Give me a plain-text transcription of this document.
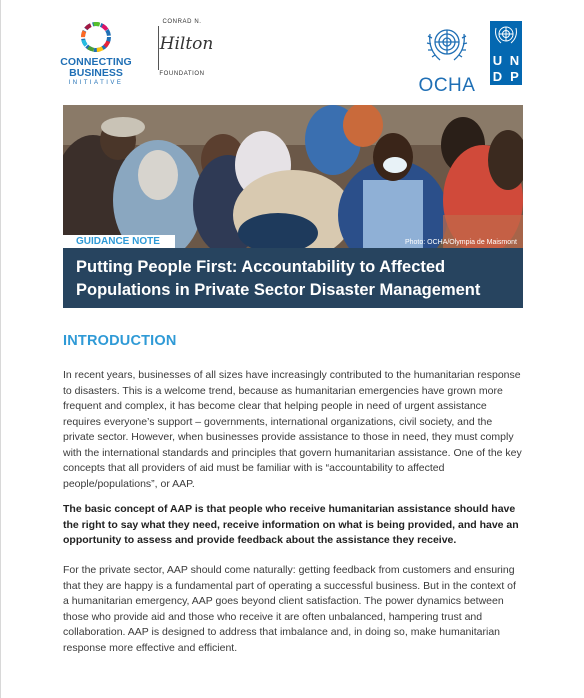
CONNECTING
BUSINESS
INITIATIVE
CONRAD N.
Hilton
FOUNDATION
OCHA
U N
D P
Photo: OCHA/Olympia de Maismont
GUIDANCE NOTE
Putting People First: Accountability to Affected Populations in Private Sector Disaster Management
INTRODUCTION

In recent years, businesses of all sizes have increasingly contributed to the humanitarian response to disasters. This is a welcome trend, because as humanitarian emergencies have grown more frequent and complex, it has become clear that helping people in need of urgent assistance requires everyone’s support – governments, international organizations, civil society, and the private sector. However, when businesses provide assistance to those in need, they must comply with the international standards and principles that govern humanitarian assistance. One of the key concepts that all providers of aid must be familiar with is “accountability to affected people/populations”, or AAP.

The basic concept of AAP is that people who receive humanitarian assistance should have the right to say what they need, receive information on what is being provided, and have an opportunity to assess and provide feedback about the assistance they receive.

For the private sector, AAP should come naturally: getting feedback from customers and ensuring that they are happy is a fundamental part of operating a successful business. But in the context of a humanitarian emergency, AAP goes beyond client satisfaction. The power dynamics between those who provide aid and those who receive it are often unbalanced, hampering trust and collaboration. AAP is designed to address that imbalance and, in doing so, make humanitarian response more effective and efficient.
